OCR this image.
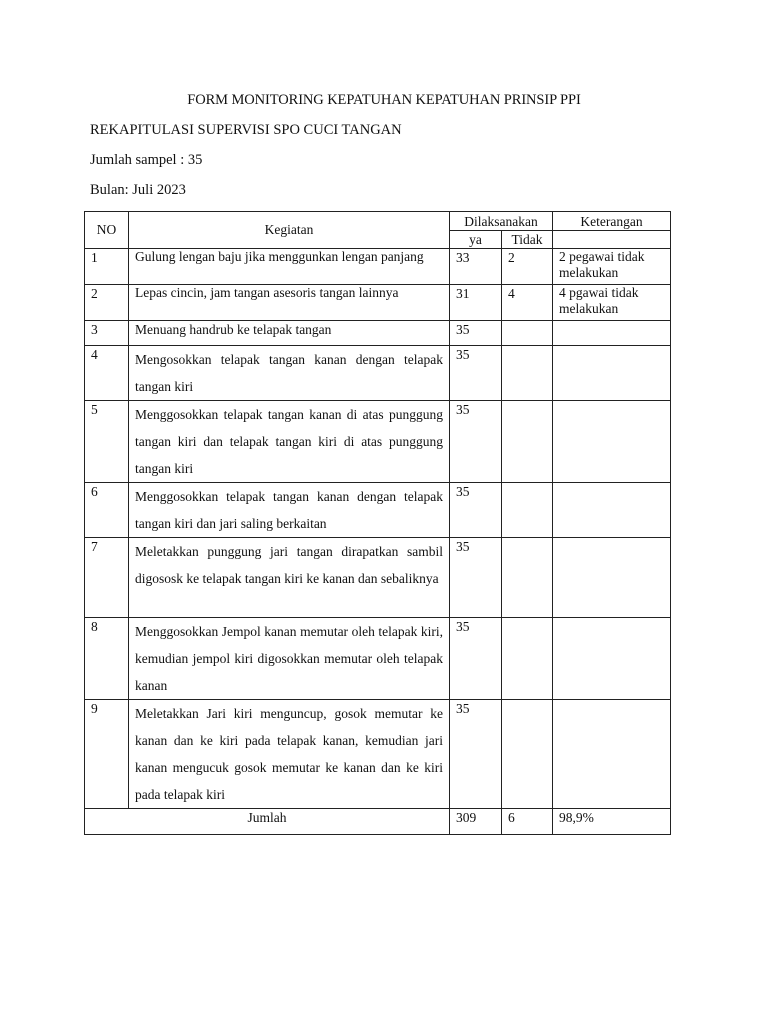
FORM MONITORING KEPATUHAN KEPATUHAN PRINSIP PPI
REKAPITULASI SUPERVISI SPO CUCI TANGAN
Jumlah sampel : 35
Bulan: Juli 2023
NO	Kegiatan	Dilaksanakan		Keterangan
		ya	Tidak	
1	Gulung lengan baju jika menggunkan lengan panjang	33	2	2 pegawai tidak melakukan
2	Lepas cincin, jam tangan asesoris tangan lainnya	31	4	4 pgawai tidak melakukan
3	Menuang handrub ke telapak tangan	35		
4	Mengosokkan telapak tangan kanan dengan telapak tangan kiri	35		
5	Menggosokkan telapak tangan kanan di atas punggung tangan kiri dan telapak tangan kiri di atas punggung tangan kiri	35		
6	Menggosokkan telapak tangan kanan dengan telapak tangan kiri dan jari saling berkaitan	35		
7	Meletakkan punggung jari tangan dirapatkan sambil digososk ke telapak tangan kiri ke kanan dan sebaliknya	35		
8	Menggosokkan Jempol kanan memutar oleh telapak kiri, kemudian jempol kiri digosokkan memutar oleh telapak kanan	35		
9	Meletakkan Jari kiri menguncup, gosok memutar ke kanan dan ke kiri pada telapak kanan, kemudian jari kanan mengucuk gosok memutar ke kanan dan ke kiri pada telapak kiri	35		
Jumlah		309	6	98,9%
